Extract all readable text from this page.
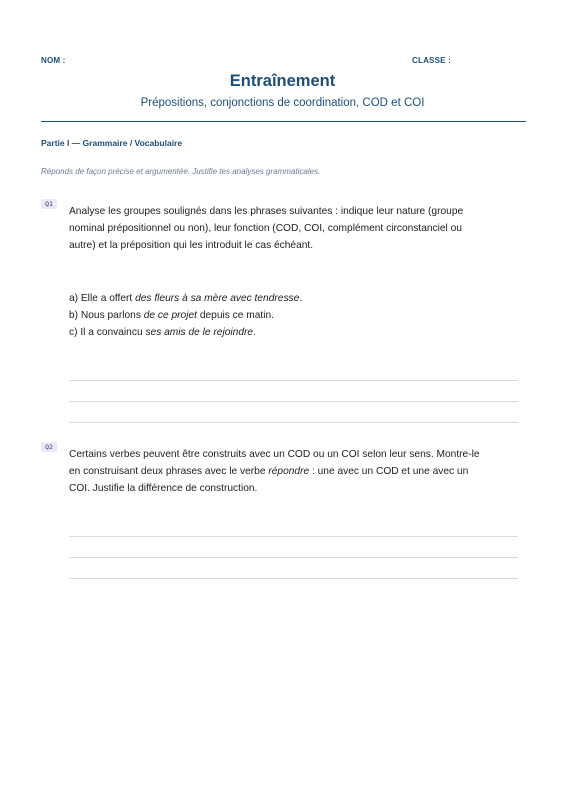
NOM :	CLASSE :
Entraînement
Prépositions, conjonctions de coordination, COD et COI
Partie I — Grammaire / Vocabulaire
Réponds de façon précise et argumentée. Justifie tes analyses grammaticales.
Q1
Analyse les groupes soulignés dans les phrases suivantes : indique leur nature (groupe
nominal prépositionnel ou non), leur fonction (COD, COI, complément circonstanciel ou
autre) et la préposition qui les introduit le cas échéant.
a) Elle a offert des fleurs à sa mère avec tendresse.
b) Nous parlons de ce projet depuis ce matin.
c) Il a convaincu ses amis de le rejoindre.
Q2
Certains verbes peuvent être construits avec un COD ou un COI selon leur sens. Montre-le
en construisant deux phrases avec le verbe répondre : une avec un COD et une avec un
COI. Justifie la différence de construction.
